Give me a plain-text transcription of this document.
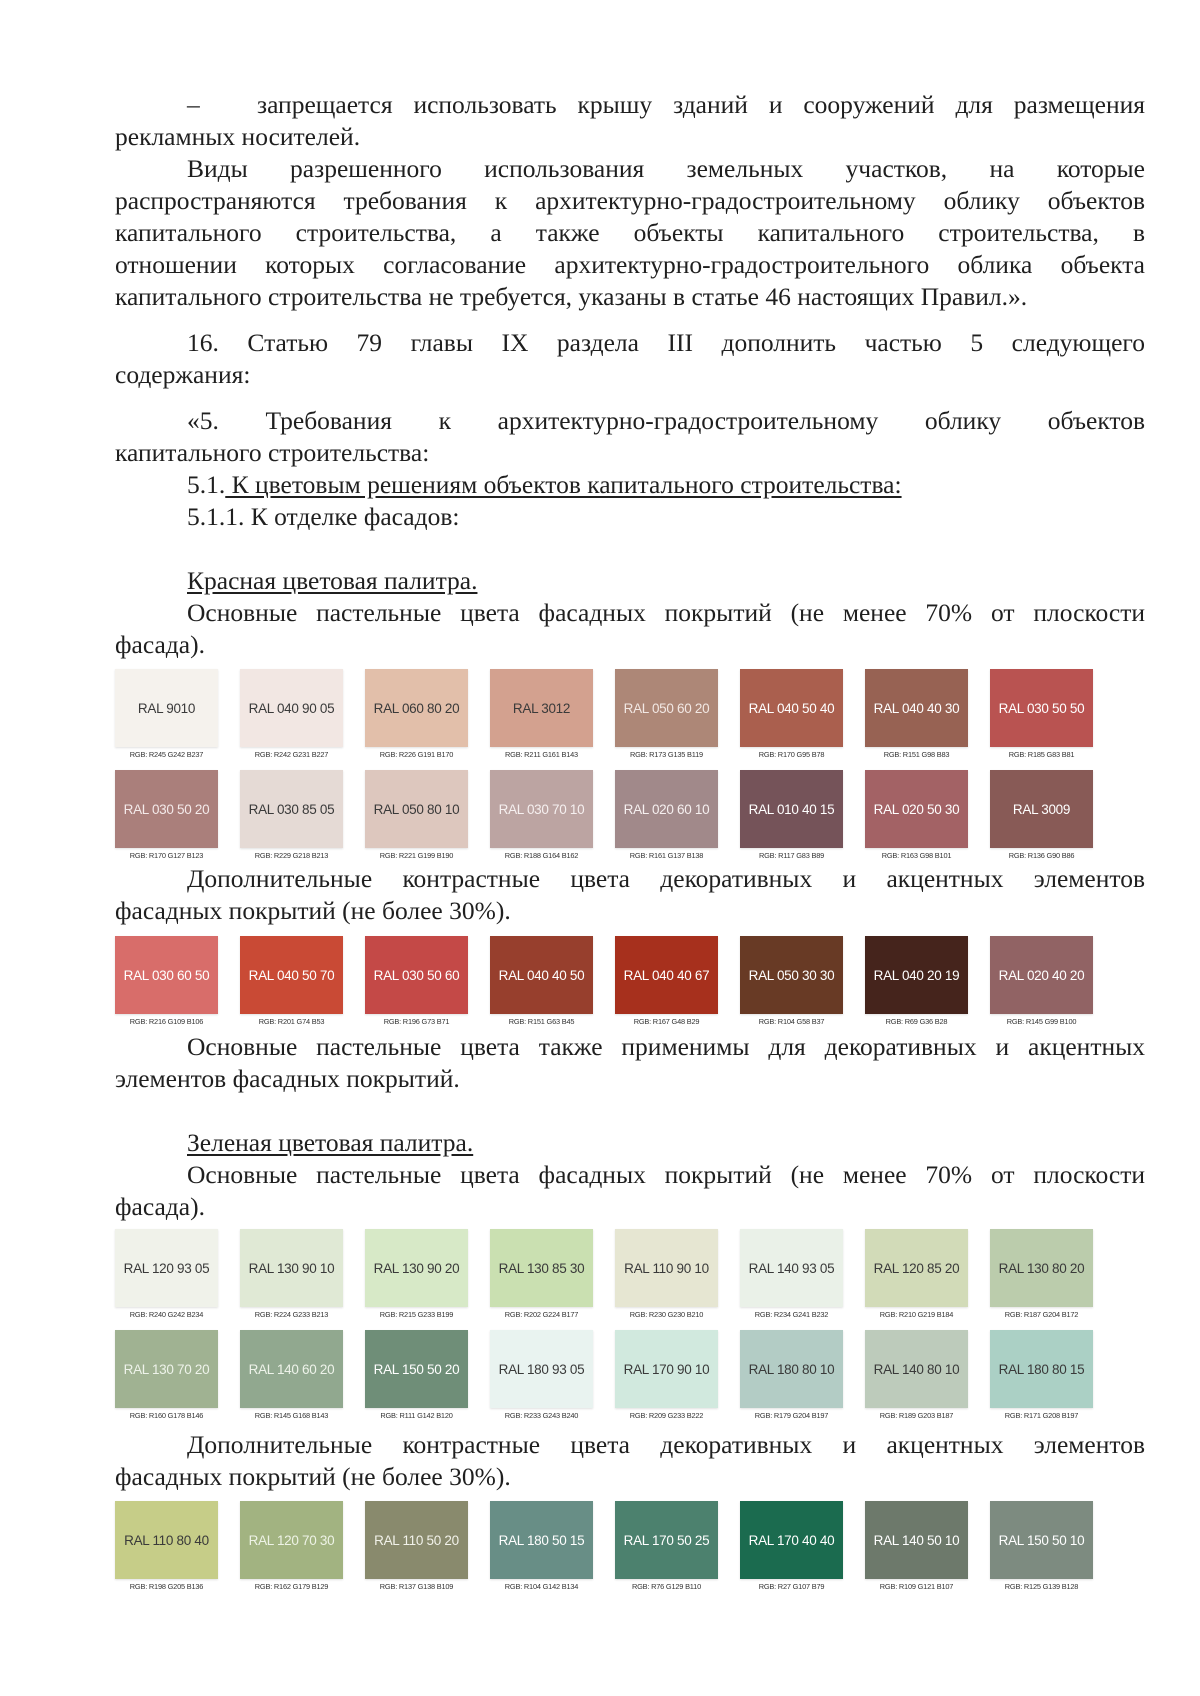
– запрещается использовать крышу зданий и сооружений для размещения
рекламных носителей.
Виды разрешенного использования земельных участков, на которые
распространяются требования к архитектурно-градостроительному облику объектов
капитального строительства, а также объекты капитального строительства, в
отношении которых согласование архитектурно-градостроительного облика объекта
капитального строительства не требуется, указаны в статье 46 настоящих Правил.».
16. Статью 79 главы IX раздела III дополнить частью 5 следующего
содержания:
«5. Требования к архитектурно-градостроительному облику объектов
капитального строительства:
5.1. К цветовым решениям объектов капитального строительства:
5.1.1. К отделке фасадов:
Красная цветовая палитра.
Основные пастельные цвета фасадных покрытий (не менее 70% от плоскости
фасада).
RAL 9010
RGB: R245 G242 B237
RAL 040 90 05
RGB: R242 G231 B227
RAL 060 80 20
RGB: R226 G191 B170
RAL 3012
RGB: R211 G161 B143
RAL 050 60 20
RGB: R173 G135 B119
RAL 040 50 40
RGB: R170 G95 B78
RAL 040 40 30
RGB: R151 G98 B83
RAL 030 50 50
RGB: R185 G83 B81
RAL 030 50 20
RGB: R170 G127 B123
RAL 030 85 05
RGB: R229 G218 B213
RAL 050 80 10
RGB: R221 G199 B190
RAL 030 70 10
RGB: R188 G164 B162
RAL 020 60 10
RGB: R161 G137 B138
RAL 010 40 15
RGB: R117 G83 B89
RAL 020 50 30
RGB: R163 G98 B101
RAL 3009
RGB: R136 G90 B86
Дополнительные контрастные цвета декоративных и акцентных элементов
фасадных покрытий (не более 30%).
RAL 030 60 50
RGB: R216 G109 B106
RAL 040 50 70
RGB: R201 G74 B53
RAL 030 50 60
RGB: R196 G73 B71
RAL 040 40 50
RGB: R151 G63 B45
RAL 040 40 67
RGB: R167 G48 B29
RAL 050 30 30
RGB: R104 G58 B37
RAL 040 20 19
RGB: R69 G36 B28
RAL 020 40 20
RGB: R145 G99 B100
Основные пастельные цвета также применимы для декоративных и акцентных
элементов фасадных покрытий.
Зеленая цветовая палитра.
Основные пастельные цвета фасадных покрытий (не менее 70% от плоскости
фасада).
RAL 120 93 05
RGB: R240 G242 B234
RAL 130 90 10
RGB: R224 G233 B213
RAL 130 90 20
RGB: R215 G233 B199
RAL 130 85 30
RGB: R202 G224 B177
RAL 110 90 10
RGB: R230 G230 B210
RAL 140 93 05
RGB: R234 G241 B232
RAL 120 85 20
RGB: R210 G219 B184
RAL 130 80 20
RGB: R187 G204 B172
RAL 130 70 20
RGB: R160 G178 B146
RAL 140 60 20
RGB: R145 G168 B143
RAL 150 50 20
RGB: R111 G142 B120
RAL 180 93 05
RGB: R233 G243 B240
RAL 170 90 10
RGB: R209 G233 B222
RAL 180 80 10
RGB: R179 G204 B197
RAL 140 80 10
RGB: R189 G203 B187
RAL 180 80 15
RGB: R171 G208 B197
Дополнительные контрастные цвета декоративных и акцентных элементов
фасадных покрытий (не более 30%).
RAL 110 80 40
RGB: R198 G205 B136
RAL 120 70 30
RGB: R162 G179 B129
RAL 110 50 20
RGB: R137 G138 B109
RAL 180 50 15
RGB: R104 G142 B134
RAL 170 50 25
RGB: R76 G129 B110
RAL 170 40 40
RGB: R27 G107 B79
RAL 140 50 10
RGB: R109 G121 B107
RAL 150 50 10
RGB: R125 G139 B128
